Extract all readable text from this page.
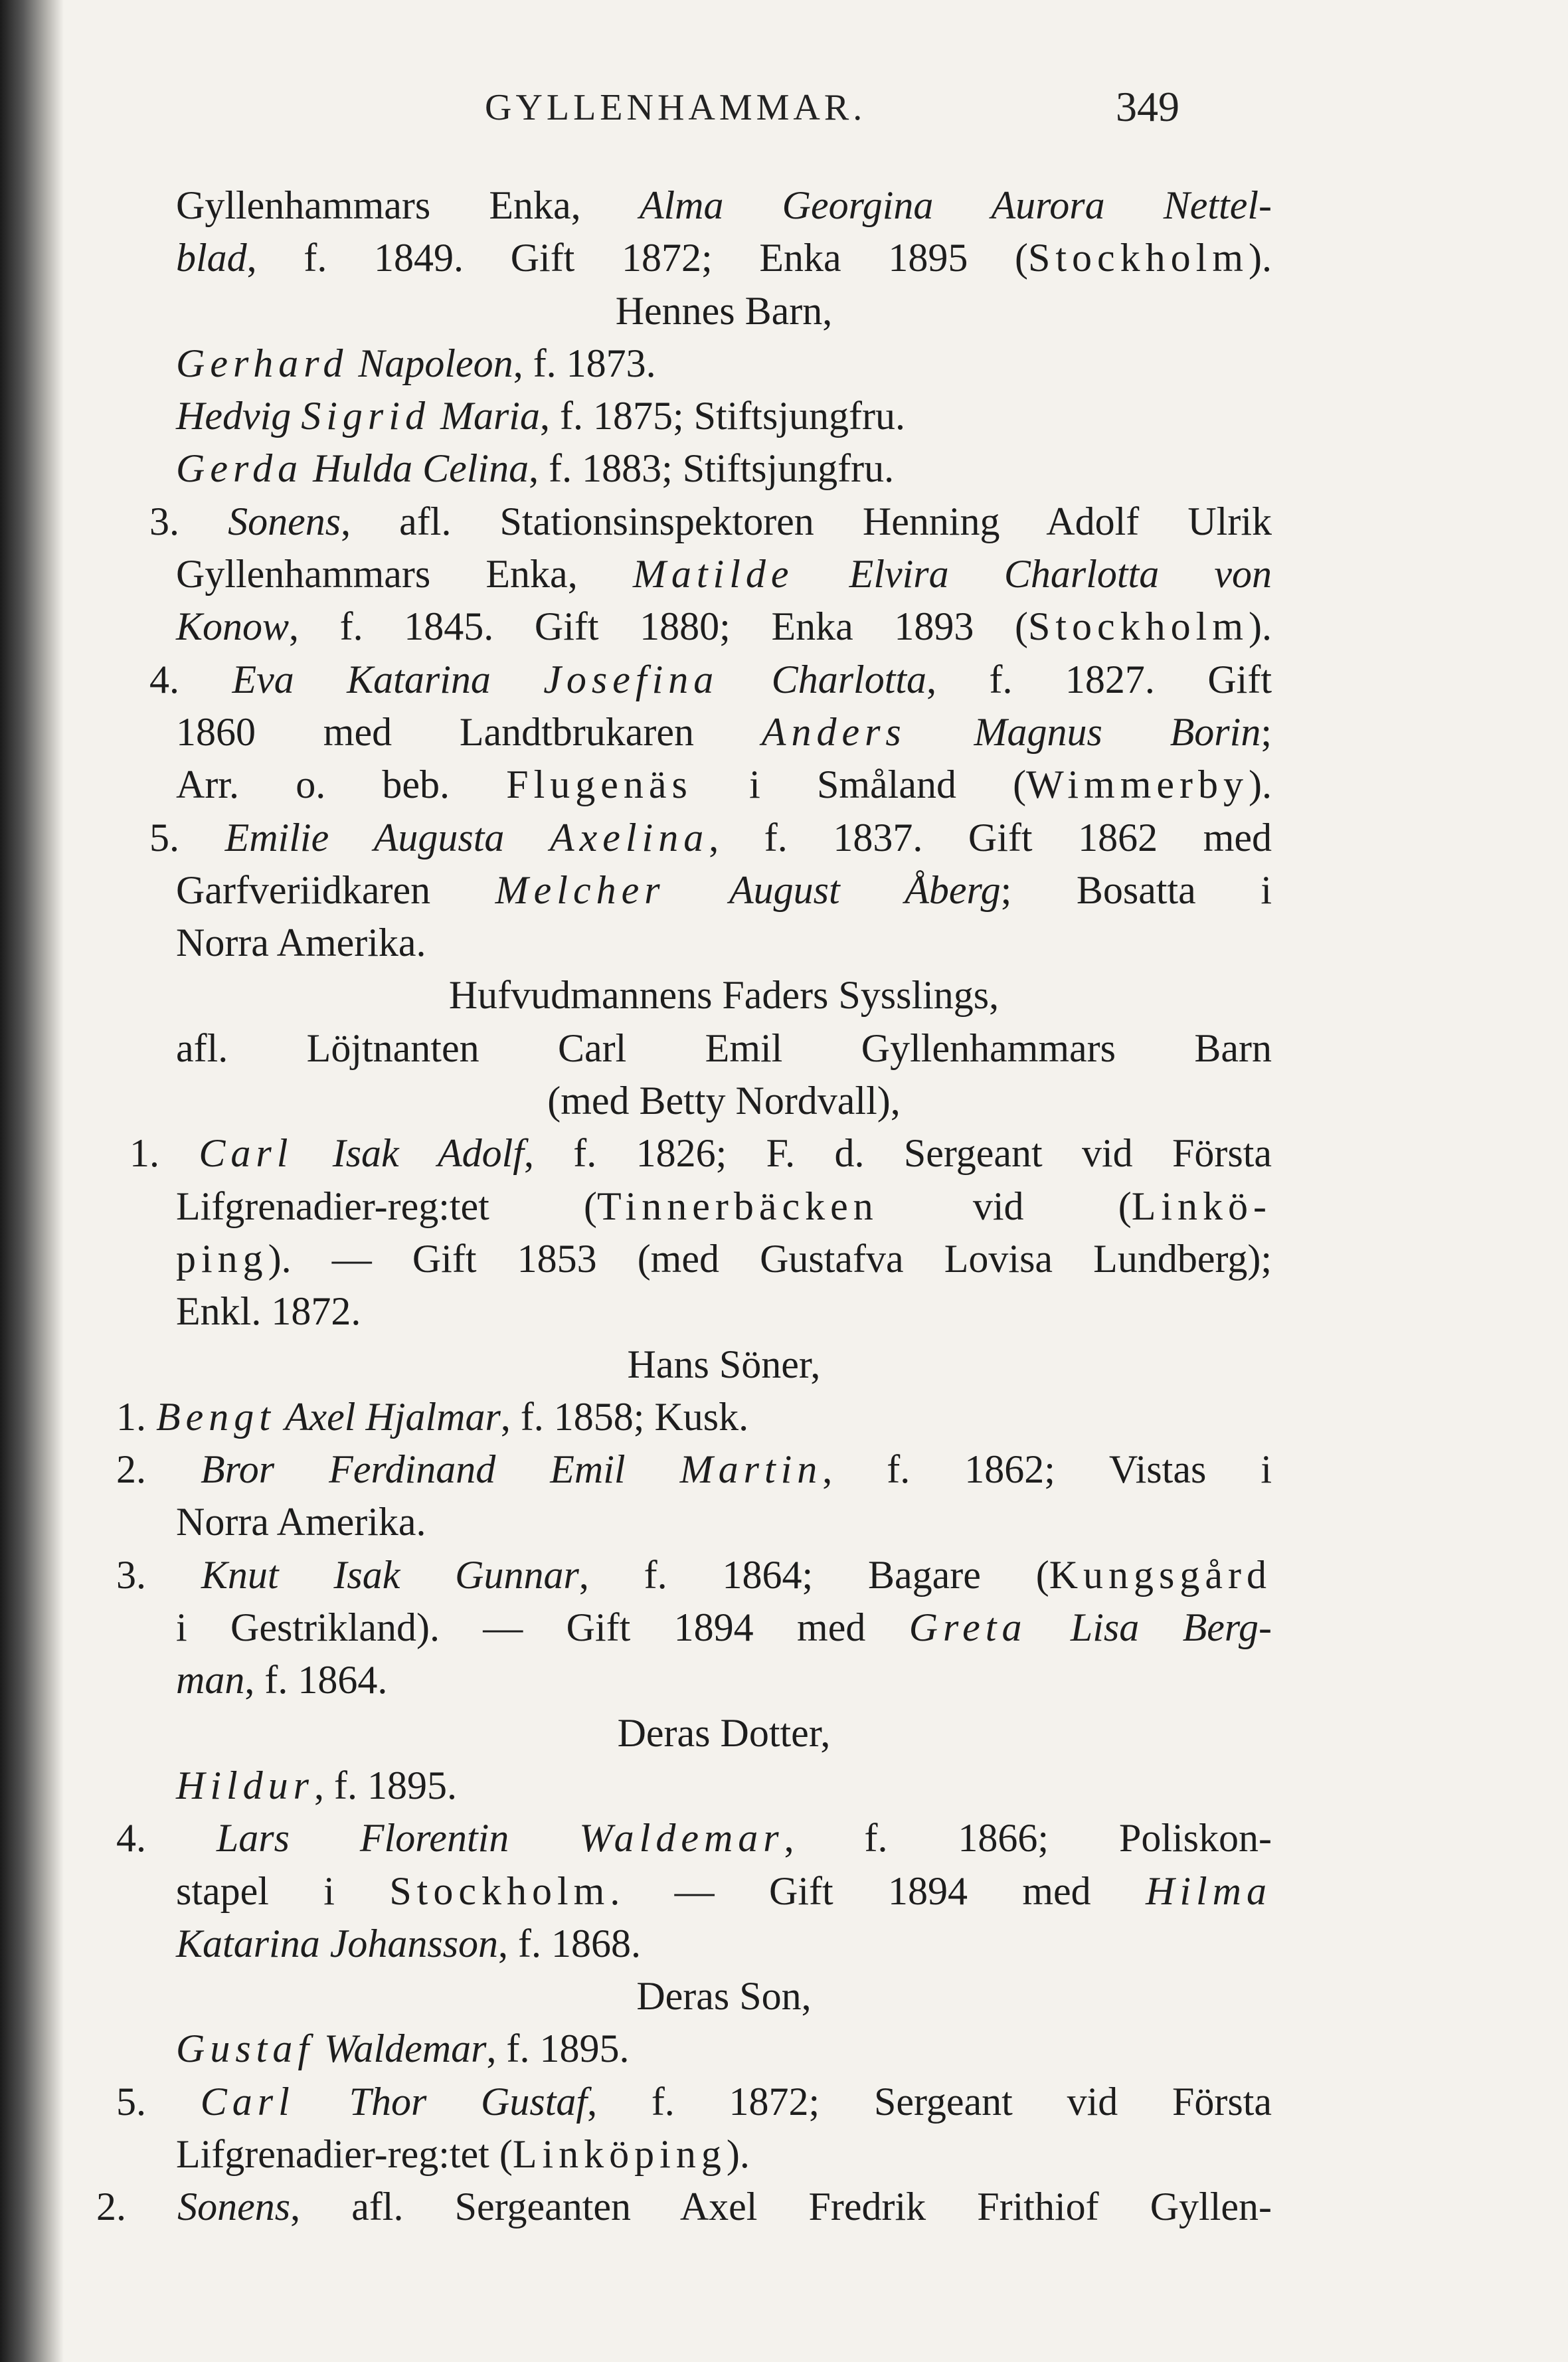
GYLLENHAMMAR.	349
Gyllenhammars Enka, Alma Georgina Aurora Nettel-
blad, f. 1849. Gift 1872; Enka 1895 (Stockholm).
Hennes Barn,
Gerhard Napoleon, f. 1873.
Hedvig Sigrid Maria, f. 1875; Stiftsjungfru.
Gerda Hulda Celina, f. 1883; Stiftsjungfru.
3. Sonens, afl. Stationsinspektoren Henning Adolf Ulrik
Gyllenhammars Enka, Matilde Elvira Charlotta von
Konow, f. 1845. Gift 1880; Enka 1893 (Stockholm).
4. Eva Katarina Josefina Charlotta, f. 1827. Gift
1860 med Landtbrukaren Anders Magnus Borin;
Arr. o. beb. Flugenäs i Småland (Wimmerby).
5. Emilie Augusta Axelina, f. 1837. Gift 1862 med
Garfveriidkaren Melcher August Åberg; Bosatta i
Norra Amerika.
Hufvudmannens Faders Sysslings,
afl. Löjtnanten Carl Emil Gyllenhammars Barn
(med Betty Nordvall),
1. Carl Isak Adolf, f. 1826; F. d. Sergeant vid Första
Lifgrenadier-reg:tet (Tinnerbäcken vid (Linkö-
ping). — Gift 1853 (med Gustafva Lovisa Lundberg);
Enkl. 1872.
Hans Söner,
1. Bengt Axel Hjalmar, f. 1858; Kusk.
2. Bror Ferdinand Emil Martin, f. 1862; Vistas i
Norra Amerika.
3. Knut Isak Gunnar, f. 1864; Bagare (Kungsgård
i Gestrikland). — Gift 1894 med Greta Lisa Berg-
man, f. 1864.
Deras Dotter,
Hildur, f. 1895.
4. Lars Florentin Waldemar, f. 1866; Poliskon-
stapel i Stockholm. — Gift 1894 med Hilma
Katarina Johansson, f. 1868.
Deras Son,
Gustaf Waldemar, f. 1895.
5. Carl Thor Gustaf, f. 1872; Sergeant vid Första
Lifgrenadier-reg:tet (Linköping).
2. Sonens, afl. Sergeanten Axel Fredrik Frithiof Gyllen-
